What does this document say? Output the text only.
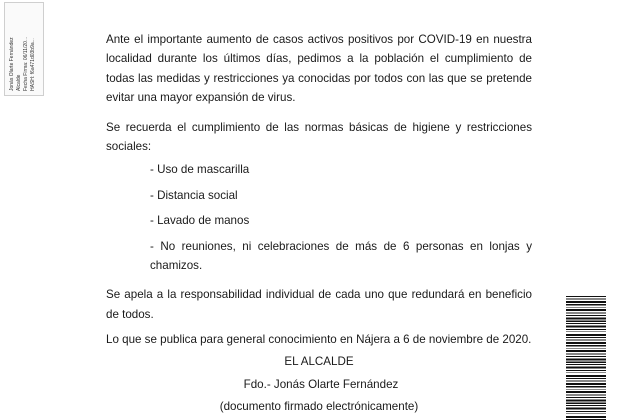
Jonás Olarte Fernández Alcalde Fecha Firma: 06/11/20... HASH: f6a471d03b9a...	Ante el importante aumento de casos activos positivos por COVID-19 en nuestra localidad durante los últimos días, pedimos a la población el cumplimiento de todas las medidas y restricciones ya conocidas por todos con las que se pretende evitar una mayor expansión de virus.

Se recuerda el cumplimiento de las normas básicas de higiene y restricciones sociales:

- Uso de mascarilla

- Distancia social

- Lavado de manos

- No reuniones, ni celebraciones de más de 6 personas en lonjas y chamizos.

Se apela a la responsabilidad individual de cada uno que redundará en beneficio de todos.

Lo que se publica para general conocimiento en Nájera a 6 de noviembre de 2020.
EL ALCALDE
Fdo.- Jonás Olarte Fernández
(documento firmado electrónicamente)
